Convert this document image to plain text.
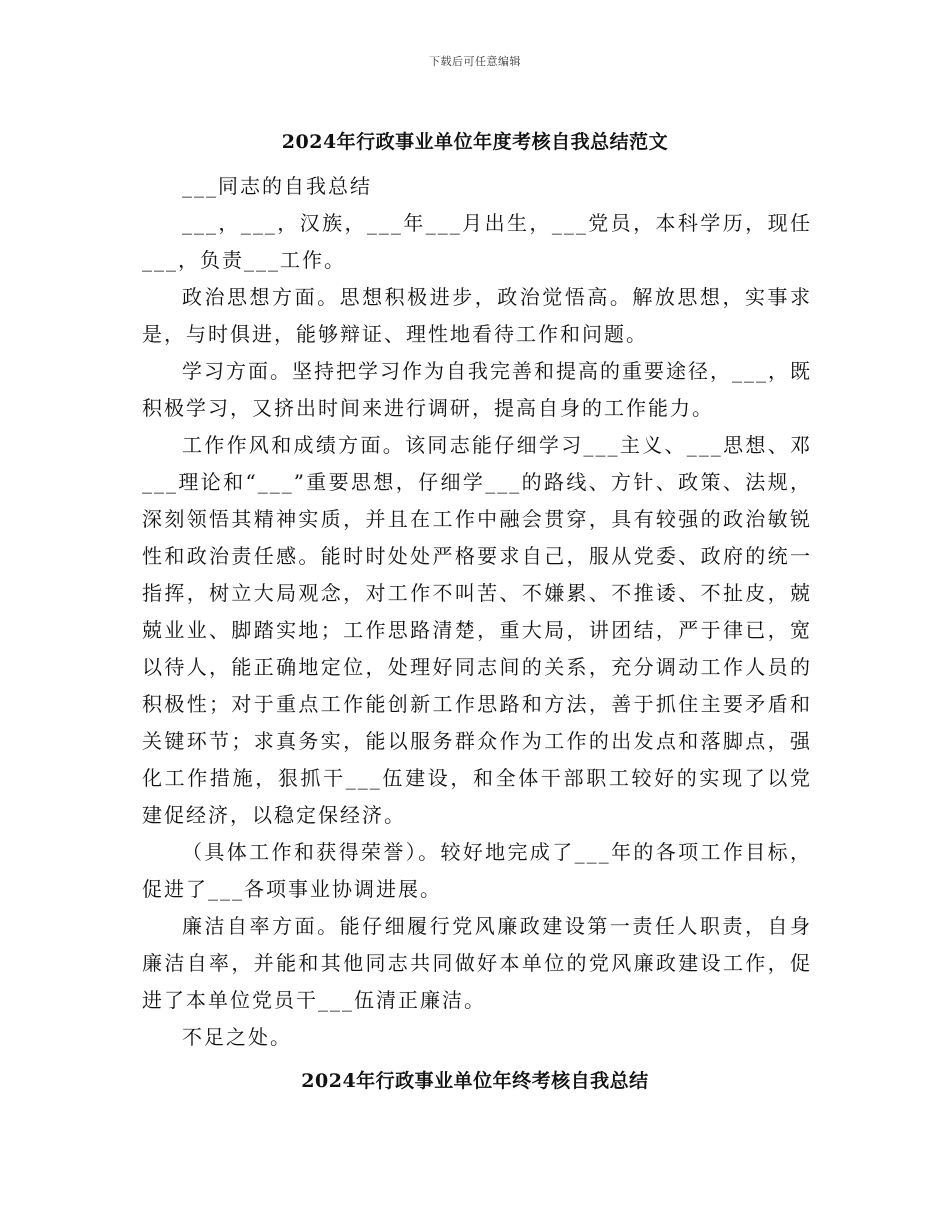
下载后可任意编辑
2024年行政事业单位年度考核自我总结范文

___同志的自我总结

___，___，汉族，___年___月出生，___党员，本科学历，现任___，负责___工作。

政治思想方面。思想积极进步，政治觉悟高。解放思想，实事求是，与时俱进，能够辩证、理性地看待工作和问题。

学习方面。坚持把学习作为自我完善和提高的重要途径，___，既积极学习，又挤出时间来进行调研，提高自身的工作能力。

工作作风和成绩方面。该同志能仔细学习___主义、___思想、邓___理论和“___”重要思想，仔细学___的路线、方针、政策、法规，深刻领悟其精神实质，并且在工作中融会贯穿，具有较强的政治敏锐性和政治责任感。能时时处处严格要求自己，服从党委、政府的统一指挥，树立大局观念，对工作不叫苦、不嫌累、不推诿、不扯皮，兢兢业业、脚踏实地；工作思路清楚，重大局，讲团结，严于律已，宽以待人，能正确地定位，处理好同志间的关系，充分调动工作人员的积极性；对于重点工作能创新工作思路和方法，善于抓住主要矛盾和关键环节；求真务实，能以服务群众作为工作的出发点和落脚点，强化工作措施，狠抓干___伍建设，和全体干部职工较好的实现了以党建促经济，以稳定保经济。

（具体工作和获得荣誉）。较好地完成了___年的各项工作目标，促进了___各项事业协调进展。

廉洁自率方面。能仔细履行党风廉政建设第一责任人职责，自身廉洁自率，并能和其他同志共同做好本单位的党风廉政建设工作，促进了本单位党员干___伍清正廉洁。

不足之处。

2024年行政事业单位年终考核自我总结
